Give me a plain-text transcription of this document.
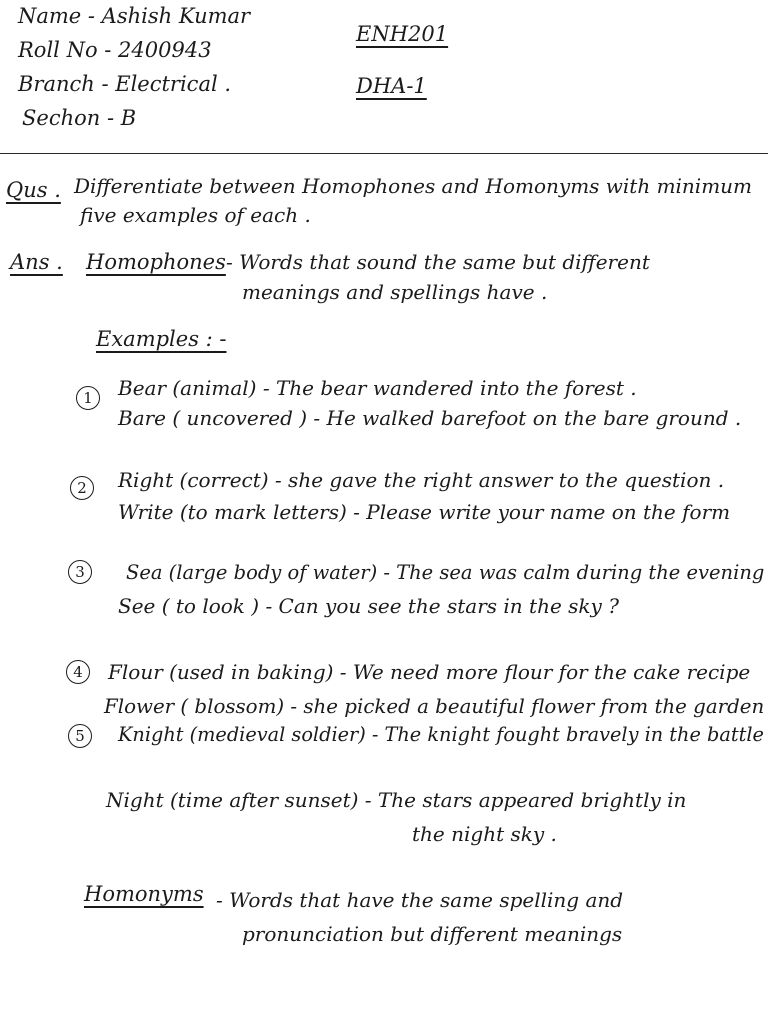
Name - Ashish Kumar
Roll No - 2400943
Branch - Electrical .
Sechon - B
ENH201
DHA-1
Qus . Differentiate between Homophones and Homonyms with minimum
five examples of each .
Ans . Homophones - Words that sound the same but different
meanings and spellings have .
Examples : -
1	Bear (animal) - The bear wandered into the forest .
Bare ( uncovered ) - He walked barefoot on the bare ground .
2	Right (correct) - she gave the right answer to the question .
Write (to mark letters) - Please write your name on the form
3	Sea (large body of water) - The sea was calm during the evening
See ( to look ) - Can you see the stars in the sky ?
4	Flour (used in baking) - We need more flour for the cake recipe
Flower ( blossom) - she picked a beautiful flower from the garden
5	Knight (medieval soldier) - The knight fought bravely in the battle
Night (time after sunset) - The stars appeared brightly in
the night sky .
Homonyms - Words that have the same spelling and
pronunciation but different meanings
